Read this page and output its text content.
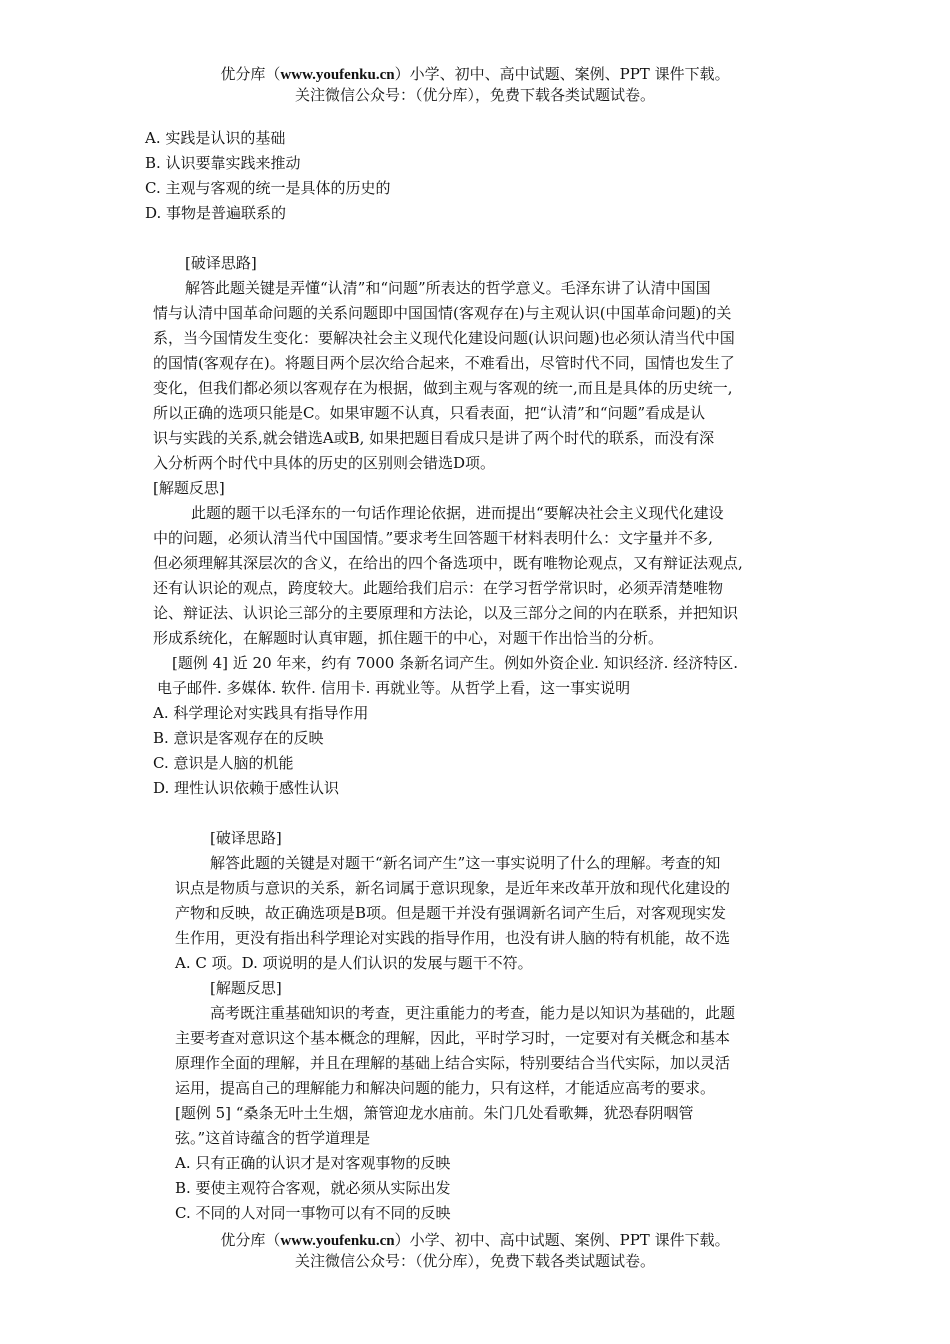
优分库（www.youfenku.cn）小学、初中、高中试题、案例、PPT 课件下载。
关注微信公众号：（优分库），免费下载各类试题试卷。
A. 实践是认识的基础
B. 认识要靠实践来推动
C. 主观与客观的统一是具体的历史的
D. 事物是普遍联系的
[破译思路]
解答此题关键是弄懂“认清”和“问题”所表达的哲学意义。毛泽东讲了认清中国国
情与认清中国革命问题的关系问题即中国国情(客观存在)与主观认识(中国革命问题)的关
系，当今国情发生变化：要解决社会主义现代化建设问题(认识问题)也必须认清当代中国
的国情(客观存在)。将题目两个层次给合起来，不难看出，尽管时代不同，国情也发生了
变化，但我们都必须以客观存在为根据，做到主观与客观的统一,而且是具体的历史统一,
所以正确的选项只能是C。如果审题不认真，只看表面，把“认清”和“问题”看成是认
识与实践的关系,就会错选A或B, 如果把题目看成只是讲了两个时代的联系，而没有深
入分析两个时代中具体的历史的区别则会错选D项。
[解题反思]
此题的题干以毛泽东的一句话作理论依据，进而提出“要解决社会主义现代化建设
中的问题，必须认清当代中国国情。”要求考生回答题干材料表明什么：文字量并不多,
但必须理解其深层次的含义，在给出的四个备选项中，既有唯物论观点，又有辩证法观点,
还有认识论的观点，跨度较大。此题给我们启示：在学习哲学常识时，必须弄清楚唯物
论、辩证法、认识论三部分的主要原理和方法论，以及三部分之间的内在联系，并把知识
形成系统化，在解题时认真审题，抓住题干的中心，对题干作出恰当的分析。
[题例 4] 近 20 年来，约有 7000 条新名词产生。例如外资企业. 知识经济. 经济特区.
电子邮件. 多媒体. 软件. 信用卡. 再就业等。从哲学上看，这一事实说明
A. 科学理论对实践具有指导作用
B. 意识是客观存在的反映
C. 意识是人脑的机能
D. 理性认识依赖于感性认识
[破译思路]
解答此题的关键是对题干“新名词产生”这一事实说明了什么的理解。考查的知
识点是物质与意识的关系，新名词属于意识现象，是近年来改革开放和现代化建设的
产物和反映，故正确选项是B项。但是题干并没有强调新名词产生后，对客观现实发
生作用，更没有指出科学理论对实践的指导作用，也没有讲人脑的特有机能，故不选
A. C 项。D. 项说明的是人们认识的发展与题干不符。
[解题反思]
高考既注重基础知识的考查，更注重能力的考查，能力是以知识为基础的，此题
主要考查对意识这个基本概念的理解，因此，平时学习时，一定要对有关概念和基本
原理作全面的理解，并且在理解的基础上结合实际，特别要结合当代实际，加以灵活
运用，提高自己的理解能力和解决问题的能力，只有这样，才能适应高考的要求。
[题例 5] “桑条无叶土生烟，箫管迎龙水庙前。朱门几处看歌舞，犹恐春阴咽管
弦。”这首诗蕴含的哲学道理是
A. 只有正确的认识才是对客观事物的反映
B. 要使主观符合客观，就必须从实际出发
C. 不同的人对同一事物可以有不同的反映
优分库（www.youfenku.cn）小学、初中、高中试题、案例、PPT 课件下载。
关注微信公众号：（优分库），免费下载各类试题试卷。
